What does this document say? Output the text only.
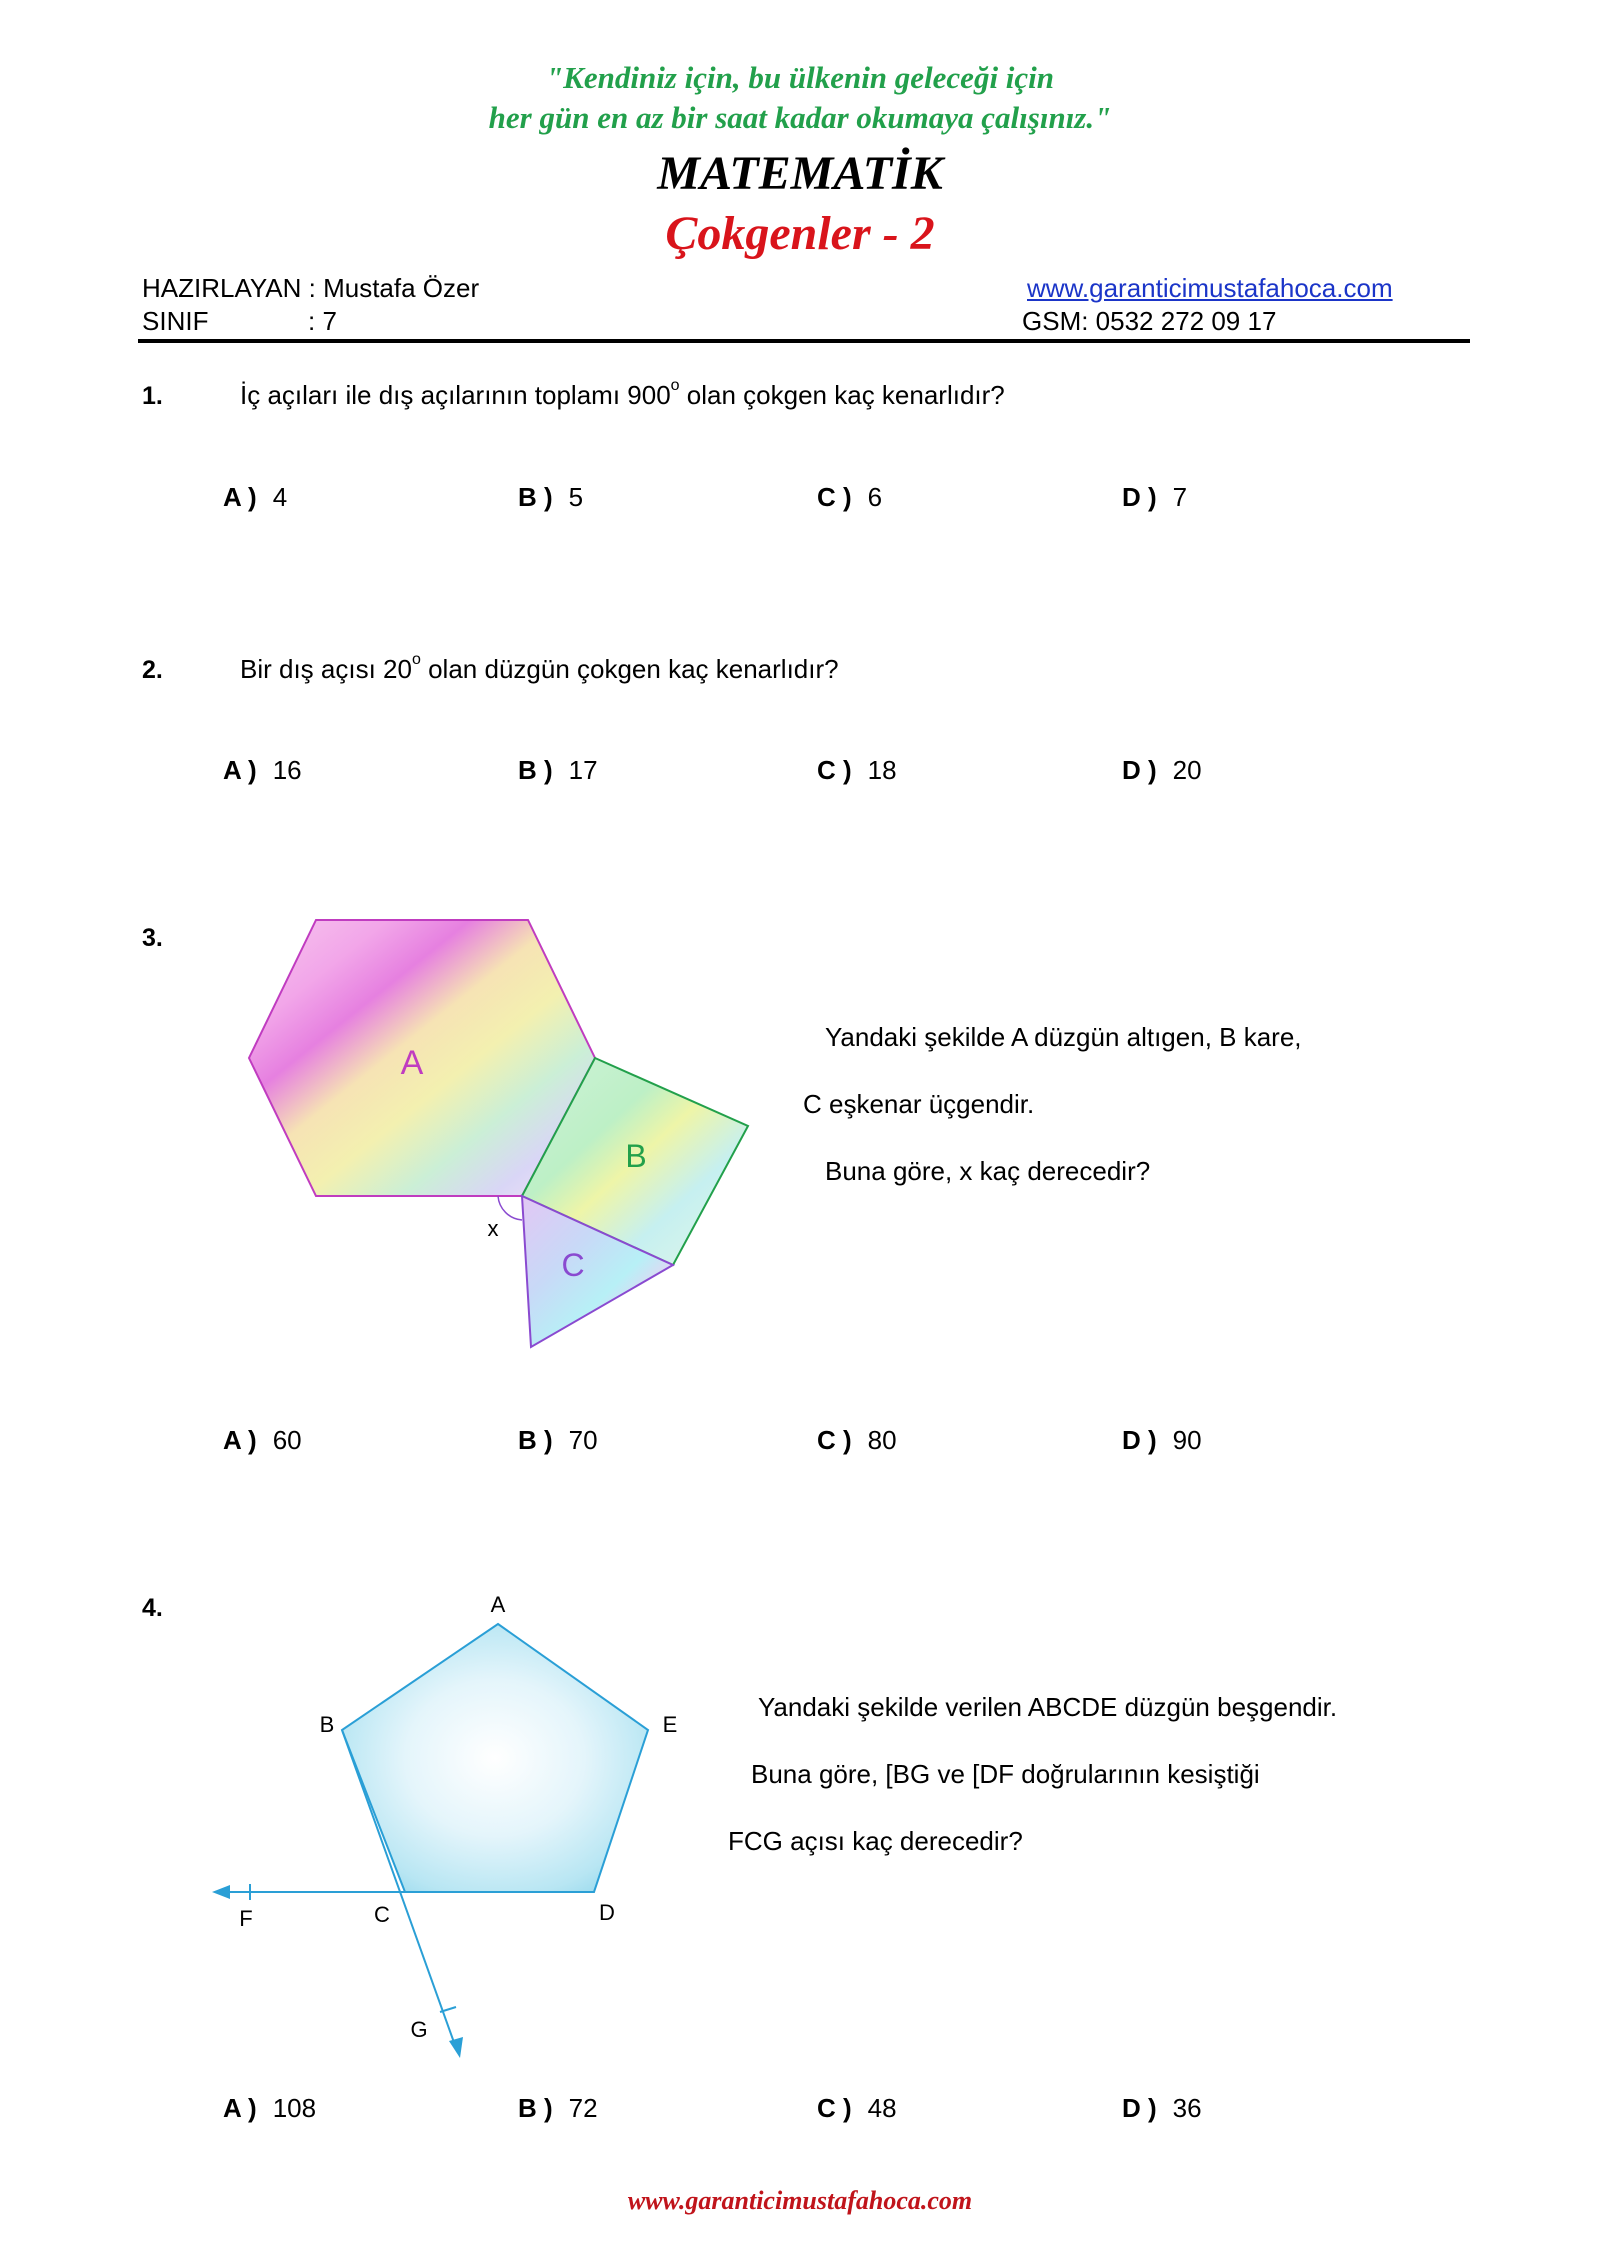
"Kendiniz için, bu ülkenin geleceği için
her gün en az bir saat kadar okumaya çalışınız."
MATEMATİK
Çokgenler - 2
HAZIRLAYAN : Mustafa Özer
SINIF	: 7
www.garanticimustafahoca.com
GSM: 0532 272 09 17
1.	İç açıları ile dış açılarının toplamı 900$^o$ olan çokgen kaç kenarlıdır?
A ) 4	B ) 5	C ) 6	D ) 7
2.	Bir dış açısı 20$^o$ olan düzgün çokgen kaç kenarlıdır?
A ) 16	B ) 17	C ) 18	D ) 20
3.
A
B
C
x
Yandaki şekilde A düzgün altıgen, B kare,
C eşkenar üçgendir.
Buna göre, x kaç derecedir?
A ) 60	B ) 70	C ) 80	D ) 90
4.	A
B	E
C	D
F
G
Yandaki şekilde verilen ABCDE düzgün beşgendir.
Buna göre, [BG ve [DF doğrularının kesiştiği
FCG açısı kaç derecedir?
A ) 108	B ) 72	C ) 48	D ) 36
www.garanticimustafahoca.com
